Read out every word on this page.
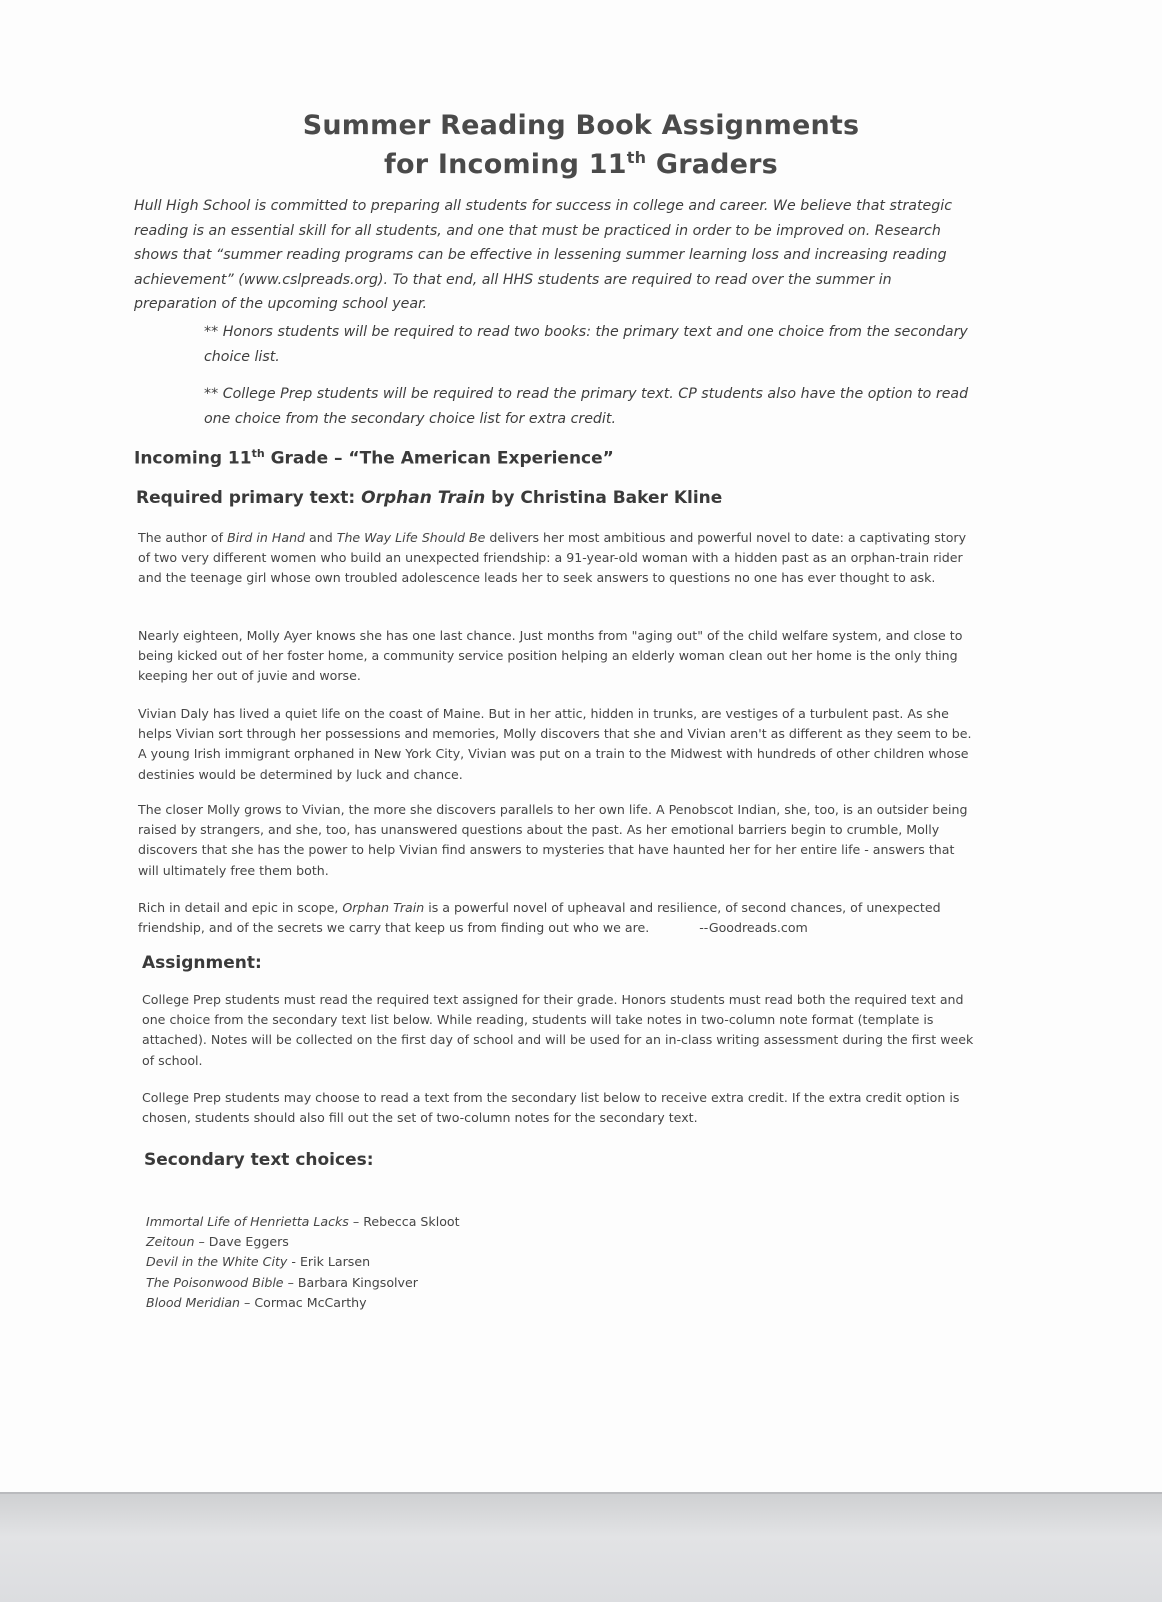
Summer Reading Book Assignments
for Incoming 11th Graders
Hull High School is committed to preparing all students for success in college and career. We believe that strategic reading is an essential skill for all students, and one that must be practiced in order to be improved on. Research shows that “summer reading programs can be effective in lessening summer learning loss and increasing reading achievement” (www.cslpreads.org). To that end, all HHS students are required to read over the summer in preparation of the upcoming school year.
** Honors students will be required to read two books: the primary text and one choice from the secondary choice list.
** College Prep students will be required to read the primary text. CP students also have the option to read one choice from the secondary choice list for extra credit.
Incoming 11th Grade – “The American Experience”
Required primary text: Orphan Train by Christina Baker Kline
The author of Bird in Hand and The Way Life Should Be delivers her most ambitious and powerful novel to date: a captivating story of two very different women who build an unexpected friendship: a 91-year-old woman with a hidden past as an orphan-train rider and the teenage girl whose own troubled adolescence leads her to seek answers to questions no one has ever thought to ask.
Nearly eighteen, Molly Ayer knows she has one last chance. Just months from "aging out" of the child welfare system, and close to being kicked out of her foster home, a community service position helping an elderly woman clean out her home is the only thing keeping her out of juvie and worse.
Vivian Daly has lived a quiet life on the coast of Maine. But in her attic, hidden in trunks, are vestiges of a turbulent past. As she helps Vivian sort through her possessions and memories, Molly discovers that she and Vivian aren't as different as they seem to be. A young Irish immigrant orphaned in New York City, Vivian was put on a train to the Midwest with hundreds of other children whose destinies would be determined by luck and chance.
The closer Molly grows to Vivian, the more she discovers parallels to her own life. A Penobscot Indian, she, too, is an outsider being raised by strangers, and she, too, has unanswered questions about the past. As her emotional barriers begin to crumble, Molly discovers that she has the power to help Vivian find answers to mysteries that have haunted her for her entire life - answers that will ultimately free them both.
Rich in detail and epic in scope, Orphan Train is a powerful novel of upheaval and resilience, of second chances, of unexpected friendship, and of the secrets we carry that keep us from finding out who we are.	--Goodreads.com
Assignment:
College Prep students must read the required text assigned for their grade. Honors students must read both the required text and one choice from the secondary text list below. While reading, students will take notes in two-column note format (template is attached). Notes will be collected on the first day of school and will be used for an in-class writing assessment during the first week of school.
College Prep students may choose to read a text from the secondary list below to receive extra credit. If the extra credit option is chosen, students should also fill out the set of two-column notes for the secondary text.
Secondary text choices:
Immortal Life of Henrietta Lacks – Rebecca Skloot
Zeitoun – Dave Eggers
Devil in the White City - Erik Larsen
The Poisonwood Bible – Barbara Kingsolver
Blood Meridian – Cormac McCarthy
